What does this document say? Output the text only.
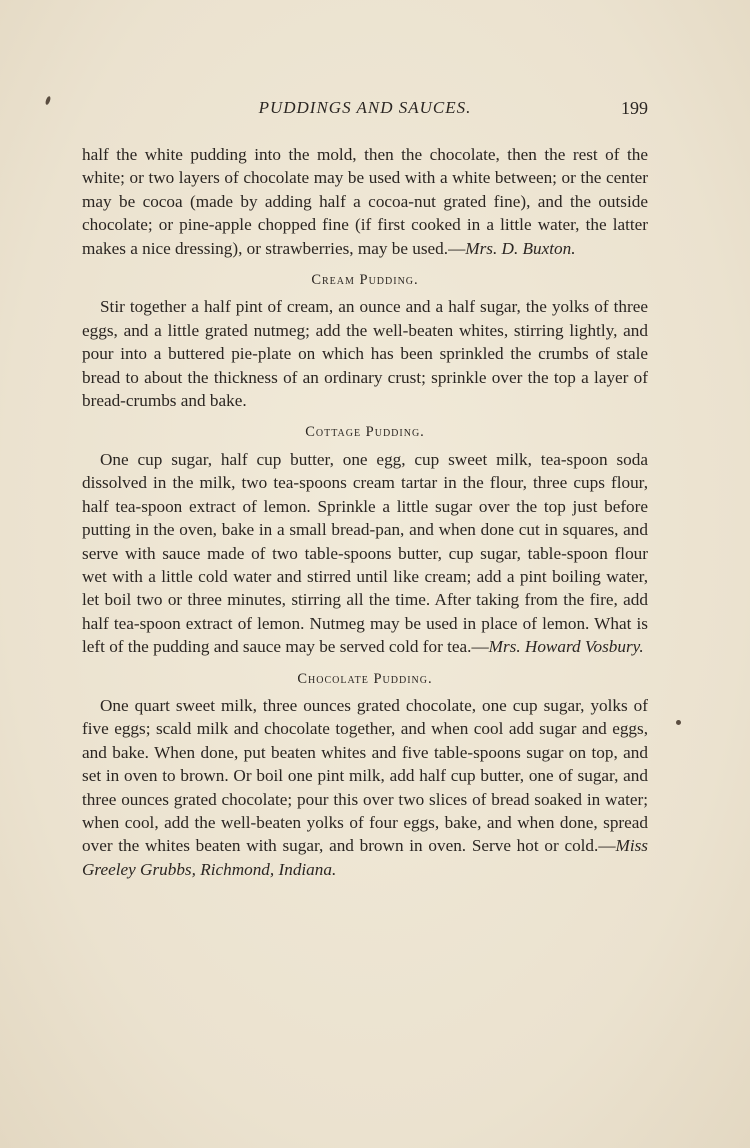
PUDDINGS AND SAUCES.	199

half the white pudding into the mold, then the chocolate, then the rest of the white; or two layers of chocolate may be used with a white between; or the center may be cocoa (made by adding half a cocoa-nut grated fine), and the outside chocolate; or pine-apple chopped fine (if first cooked in a little water, the latter makes a nice dressing), or strawberries, may be used.—Mrs. D. Buxton.

Cream Pudding.

Stir together a half pint of cream, an ounce and a half sugar, the yolks of three eggs, and a little grated nutmeg; add the well-beaten whites, stirring lightly, and pour into a buttered pie-plate on which has been sprinkled the crumbs of stale bread to about the thickness of an ordinary crust; sprinkle over the top a layer of bread-crumbs and bake.

Cottage Pudding.

One cup sugar, half cup butter, one egg, cup sweet milk, tea-spoon soda dissolved in the milk, two tea-spoons cream tartar in the flour, three cups flour, half tea-spoon extract of lemon. Sprinkle a little sugar over the top just before putting in the oven, bake in a small bread-pan, and when done cut in squares, and serve with sauce made of two table-spoons butter, cup sugar, table-spoon flour wet with a little cold water and stirred until like cream; add a pint boiling water, let boil two or three minutes, stirring all the time. After taking from the fire, add half tea-spoon extract of lemon. Nutmeg may be used in place of lemon. What is left of the pudding and sauce may be served cold for tea.—Mrs. Howard Vosbury.

Chocolate Pudding.

One quart sweet milk, three ounces grated chocolate, one cup sugar, yolks of five eggs; scald milk and chocolate together, and when cool add sugar and eggs, and bake. When done, put beaten whites and five table-spoons sugar on top, and set in oven to brown. Or boil one pint milk, add half cup butter, one of sugar, and three ounces grated chocolate; pour this over two slices of bread soaked in water; when cool, add the well-beaten yolks of four eggs, bake, and when done, spread over the whites beaten with sugar, and brown in oven. Serve hot or cold.—Miss Greeley Grubbs, Richmond, Indiana.
